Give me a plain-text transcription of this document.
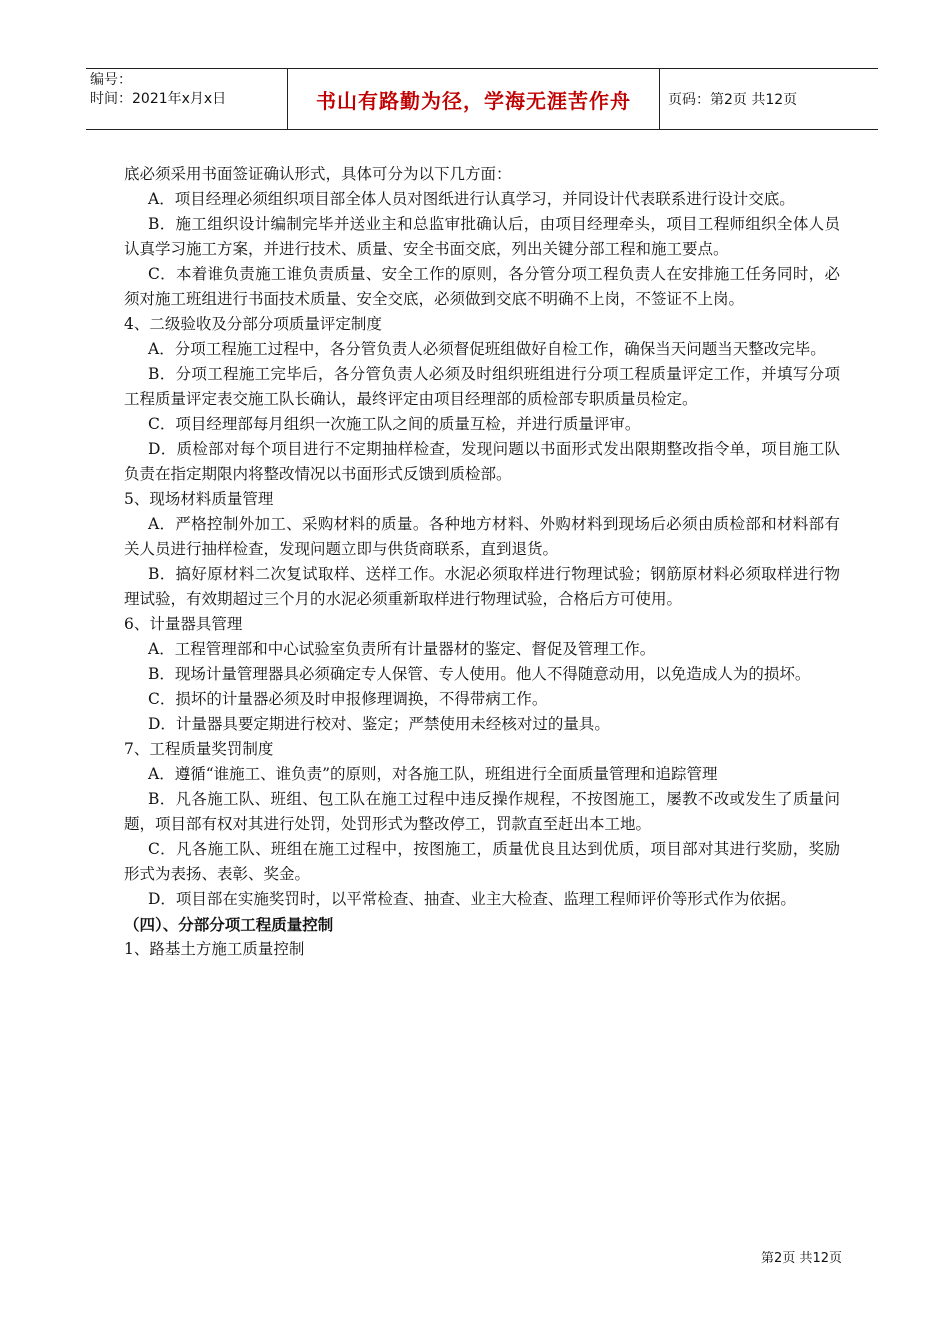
编号：
时间：2021年x月x日	书山有路勤为径，学海无涯苦作舟	页码：第2页 共12页

底必须采用书面签证确认形式，具体可分为以下几方面：

A．项目经理必须组织项目部全体人员对图纸进行认真学习，并同设计代表联系进行设计交底。

B．施工组织设计编制完毕并送业主和总监审批确认后，由项目经理牵头，项目工程师组织全体人员认真学习施工方案，并进行技术、质量、安全书面交底，列出关键分部工程和施工要点。

C．本着谁负责施工谁负责质量、安全工作的原则，各分管分项工程负责人在安排施工任务同时，必须对施工班组进行书面技术质量、安全交底，必须做到交底不明确不上岗，不签证不上岗。

4、二级验收及分部分项质量评定制度

A．分项工程施工过程中，各分管负责人必须督促班组做好自检工作，确保当天问题当天整改完毕。

B．分项工程施工完毕后，各分管负责人必须及时组织班组进行分项工程质量评定工作，并填写分项工程质量评定表交施工队长确认，最终评定由项目经理部的质检部专职质量员检定。

C．项目经理部每月组织一次施工队之间的质量互检，并进行质量评审。

D．质检部对每个项目进行不定期抽样检查，发现问题以书面形式发出限期整改指令单，项目施工队负责在指定期限内将整改情况以书面形式反馈到质检部。

5、现场材料质量管理

A．严格控制外加工、采购材料的质量。各种地方材料、外购材料到现场后必须由质检部和材料部有关人员进行抽样检查，发现问题立即与供货商联系，直到退货。

B．搞好原材料二次复试取样、送样工作。水泥必须取样进行物理试验；钢筋原材料必须取样进行物理试验，有效期超过三个月的水泥必须重新取样进行物理试验，合格后方可使用。

6、计量器具管理

A．工程管理部和中心试验室负责所有计量器材的鉴定、督促及管理工作。

B．现场计量管理器具必须确定专人保管、专人使用。他人不得随意动用，以免造成人为的损坏。

C．损坏的计量器必须及时申报修理调换，不得带病工作。

D．计量器具要定期进行校对、鉴定；严禁使用未经核对过的量具。

7、工程质量奖罚制度

A．遵循“谁施工、谁负责”的原则，对各施工队，班组进行全面质量管理和追踪管理

B．凡各施工队、班组、包工队在施工过程中违反操作规程，不按图施工，屡教不改或发生了质量问题，项目部有权对其进行处罚，处罚形式为整改停工，罚款直至赶出本工地。

C．凡各施工队、班组在施工过程中，按图施工，质量优良且达到优质，项目部对其进行奖励，奖励形式为表扬、表彰、奖金。

D．项目部在实施奖罚时，以平常检查、抽查、业主大检查、监理工程师评价等形式作为依据。

（四）、分部分项工程质量控制

1、路基土方施工质量控制

第2页 共12页
